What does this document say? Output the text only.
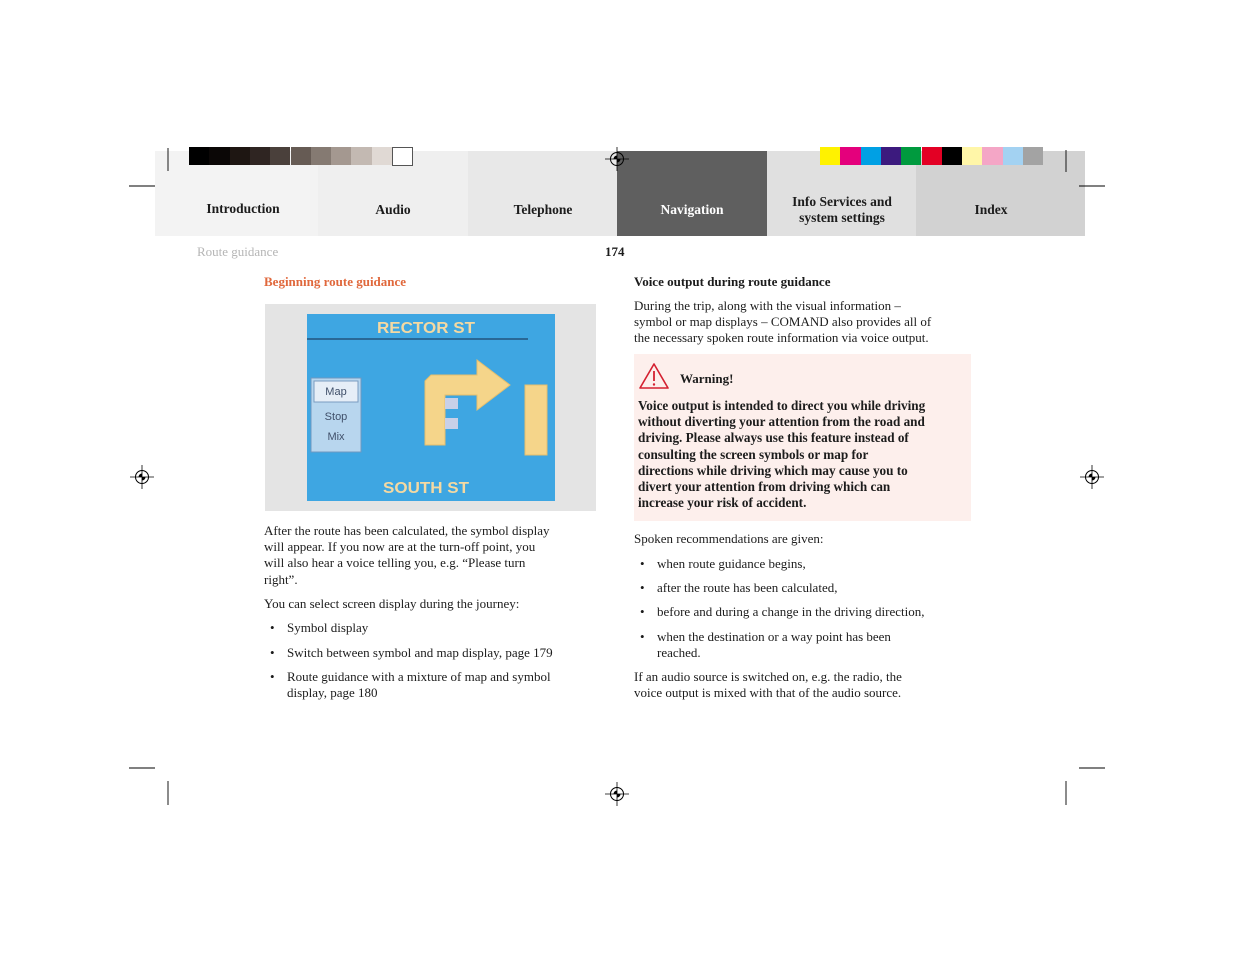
Introduction	Audio	Telephone	Navigation
Info Services and
system settings
Index
Route guidance	174
Beginning route guidance
RECTOR ST
Map
Stop
Mix
SOUTH ST

After the route has been calculated, the symbol display
will appear. If you now are at the turn-off point, you
will also hear a voice telling you, e.g. “Please turn
right”.

You can select screen display during the journey:
• Symbol display
• Switch between symbol and map display, page 179
• Route guidance with a mixture of map and symbol
display, page 180
Voice output during route guidance

During the trip, along with the visual information –
symbol or map displays – COMAND also provides all of
the necessary spoken route information via voice output.

Warning!

Voice output is intended to direct you while driving
without diverting your attention from the road and
driving. Please always use this feature instead of
consulting the screen symbols or map for
directions while driving which may cause you to
divert your attention from driving which can
increase your risk of accident.

Spoken recommendations are given:
• when route guidance begins,
• after the route has been calculated,
• before and during a change in the driving direction,
• when the destination or a way point has been
reached.

If an audio source is switched on, e.g. the radio, the
voice output is mixed with that of the audio source.
